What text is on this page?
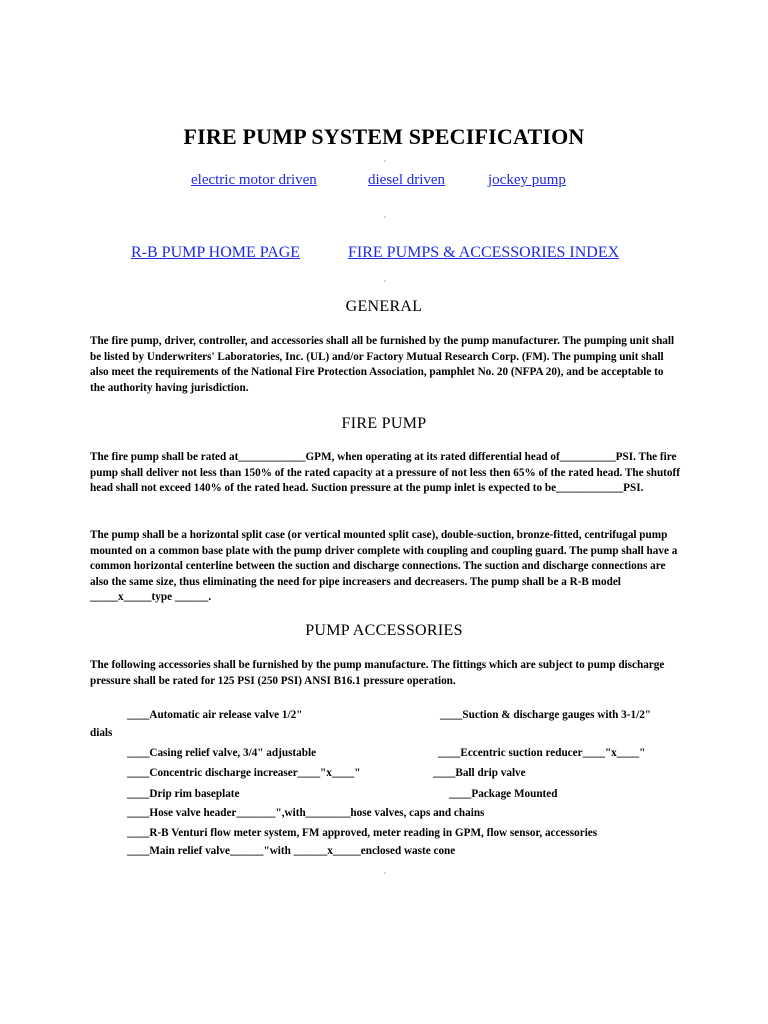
FIRE PUMP SYSTEM SPECIFICATION
electric motor driven	diesel driven	jockey pump
R-B PUMP HOME PAGE	FIRE PUMPS & ACCESSORIES INDEX
GENERAL

The fire pump, driver, controller, and accessories shall all be furnished by the pump manufacturer. The pumping unit shall be listed by Underwriters' Laboratories, Inc. (UL) and/or Factory Mutual Research Corp. (FM). The pumping unit shall also meet the requirements of the National Fire Protection Association, pamphlet No. 20 (NFPA 20), and be acceptable to the authority having jurisdiction.

FIRE PUMP

The fire pump shall be rated at____________GPM, when operating at its rated differential head of__________PSI. The fire pump shall deliver not less than 150% of the rated capacity at a pressure of not less then 65% of the rated head. The shutoff head shall not exceed 140% of the rated head. Suction pressure at the pump inlet is expected to be____________PSI.

The pump shall be a horizontal split case (or vertical mounted split case), double-suction, bronze-fitted, centrifugal pump mounted on a common base plate with the pump driver complete with coupling and coupling guard. The pump shall have a common horizontal centerline between the suction and discharge connections. The suction and discharge connections are also the same size, thus eliminating the need for pipe increasers and decreasers. The pump shall be a R-B model _____x_____type ______.

PUMP ACCESSORIES

The following accessories shall be furnished by the pump manufacture. The fittings which are subject to pump discharge pressure shall be rated for 125 PSI (250 PSI) ANSI B16.1 pressure operation.

____Automatic air release valve 1/2"	____Suction & discharge gauges with 3-1/2"
dials
____Casing relief valve, 3/4" adjustable	____Eccentric suction reducer____"x____"
____Concentric discharge increaser____"x____"	____Ball drip valve
____Drip rim baseplate	____Package Mounted
____Hose valve header_______",with________hose valves, caps and chains
____R-B Venturi flow meter system, FM approved, meter reading in GPM, flow sensor, accessories
____Main relief valve______"with ______x_____enclosed waste cone
